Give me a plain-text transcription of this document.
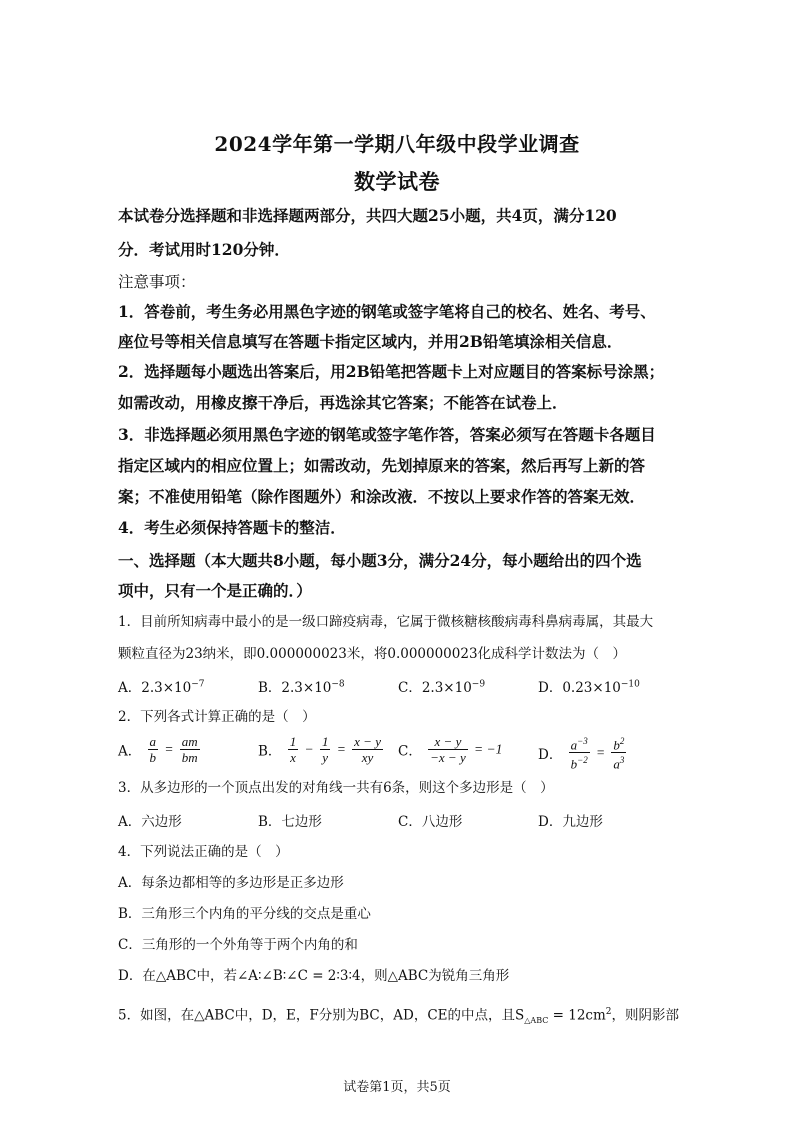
2024学年第一学期八年级中段学业调查
数学试卷
本试卷分选择题和非选择题两部分，共四大题25小题，共4页，满分120
分．考试用时120分钟．
注意事项：
1．答卷前，考生务必用黑色字迹的钢笔或签字笔将自己的校名、姓名、考号、
座位号等相关信息填写在答题卡指定区域内，并用2B铅笔填涂相关信息．
2．选择题每小题选出答案后，用2B铅笔把答题卡上对应题目的答案标号涂黑；
如需改动，用橡皮擦干净后，再选涂其它答案；不能答在试卷上．
3．非选择题必须用黑色字迹的钢笔或签字笔作答，答案必须写在答题卡各题目
指定区域内的相应位置上；如需改动，先划掉原来的答案，然后再写上新的答
案；不准使用铅笔（除作图题外）和涂改液．不按以上要求作答的答案无效．
4．考生必须保持答题卡的整洁．
一、选择题（本大题共8小题，每小题3分，满分24分，每小题给出的四个选
项中，只有一个是正确的．）
1．目前所知病毒中最小的是一级口蹄疫病毒，它属于微核糖核酸病毒科鼻病毒属，其最大
颗粒直径为23纳米，即0.000000023米，将0.000000023化成科学计数法为（　）
A．$2.3\times 10^{-7}$	B．$2.3\times 10^{-8}$	C．$2.3\times 10^{-9}$	D．$0.23\times 10^{-10}$
2．下列各式计算正确的是（　）
A． $\frac{a}{b} = \frac{am}{bm}$	B． $\frac{1}{x} - \frac{1}{y} = \frac{x - y}{xy}$ C． $\frac{x - y}{-x - y} = -1$	D． $\frac{a^{-3}}{b^{-2}} = \frac{b^2}{a^3}$
3．从多边形的一个顶点出发的对角线一共有6条，则这个多边形是（　）
A．六边形	B．七边形	C．八边形	D．九边形
4．下列说法正确的是（　）
A．每条边都相等的多边形是正多边形
B．三角形三个内角的平分线的交点是重心
C．三角形的一个外角等于两个内角的和
D．在△ABC中，若∠A∶∠B∶∠C = 2∶3∶4，则△ABC为锐角三角形
5．如图，在△ABC中，D，E，F分别为BC，AD，CE的中点，且$S_{\triangle ABC} = 12cm^2$，则阴影部
试卷第1页，共5页
